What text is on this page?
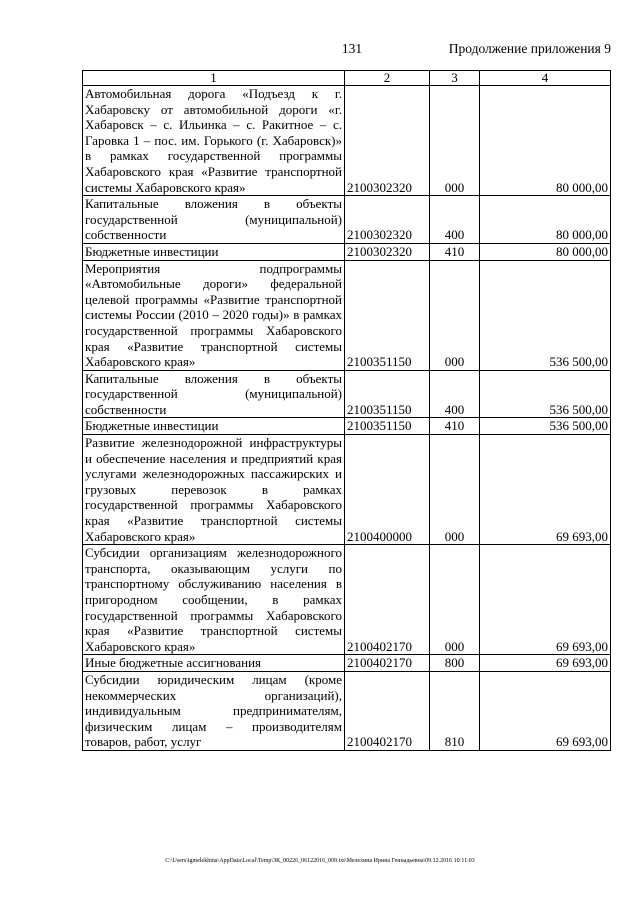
131	Продолжение приложения 9
1	2	3	4
Автомобильная дорога «Подъезд к г. Хабаровску от автомобильной дороги «г. Хабаровск – с. Ильинка – с. Ракитное – с. Гаровка 1 – пос. им. Горького (г. Хабаровск)» в рамках государственной программы Хабаровского края «Развитие транспортной системы Хабаровского края»	2100302320	000	80 000,00
Капитальные вложения в объекты государственной (муниципальной) собственности	2100302320	400	80 000,00
Бюджетные инвестиции	2100302320	410	80 000,00
Мероприятия подпрограммы «Автомобильные дороги» федеральной целевой программы «Развитие транспортной системы России (2010 – 2020 годы)» в рамках государственной программы Хабаровского края «Развитие транспортной системы Хабаровского края»	2100351150	000	536 500,00
Капитальные вложения в объекты государственной (муниципальной) собственности	2100351150	400	536 500,00
Бюджетные инвестиции	2100351150	410	536 500,00
Развитие железнодорожной инфраструктуры и обеспечение населения и предприятий края услугами железнодорожных пассажирских и грузовых перевозок в рамках государственной программы Хабаровского края «Развитие транспортной системы Хабаровского края»	2100400000	000	69 693,00
Субсидии организациям железнодорожного транспорта, оказывающим услуги по транспортному обслуживанию населения в пригородном сообщении, в рамках государственной программы Хабаровского края «Развитие транспортной системы Хабаровского края»	2100402170	000	69 693,00
Иные бюджетные ассигнования	2100402170	800	69 693,00
Субсидии юридическим лицам (кроме некоммерческих организаций), индивидуальным предпринимателям, физическим лицам – производителям товаров, работ, услуг	2100402170	810	69 693,00
C:\Users\igmelekhina\AppData\Local\Temp\ЗК_00226_06122016_009.txt\Мелехина Ирина Геннадьевна\09.12.2016 10:11:03
